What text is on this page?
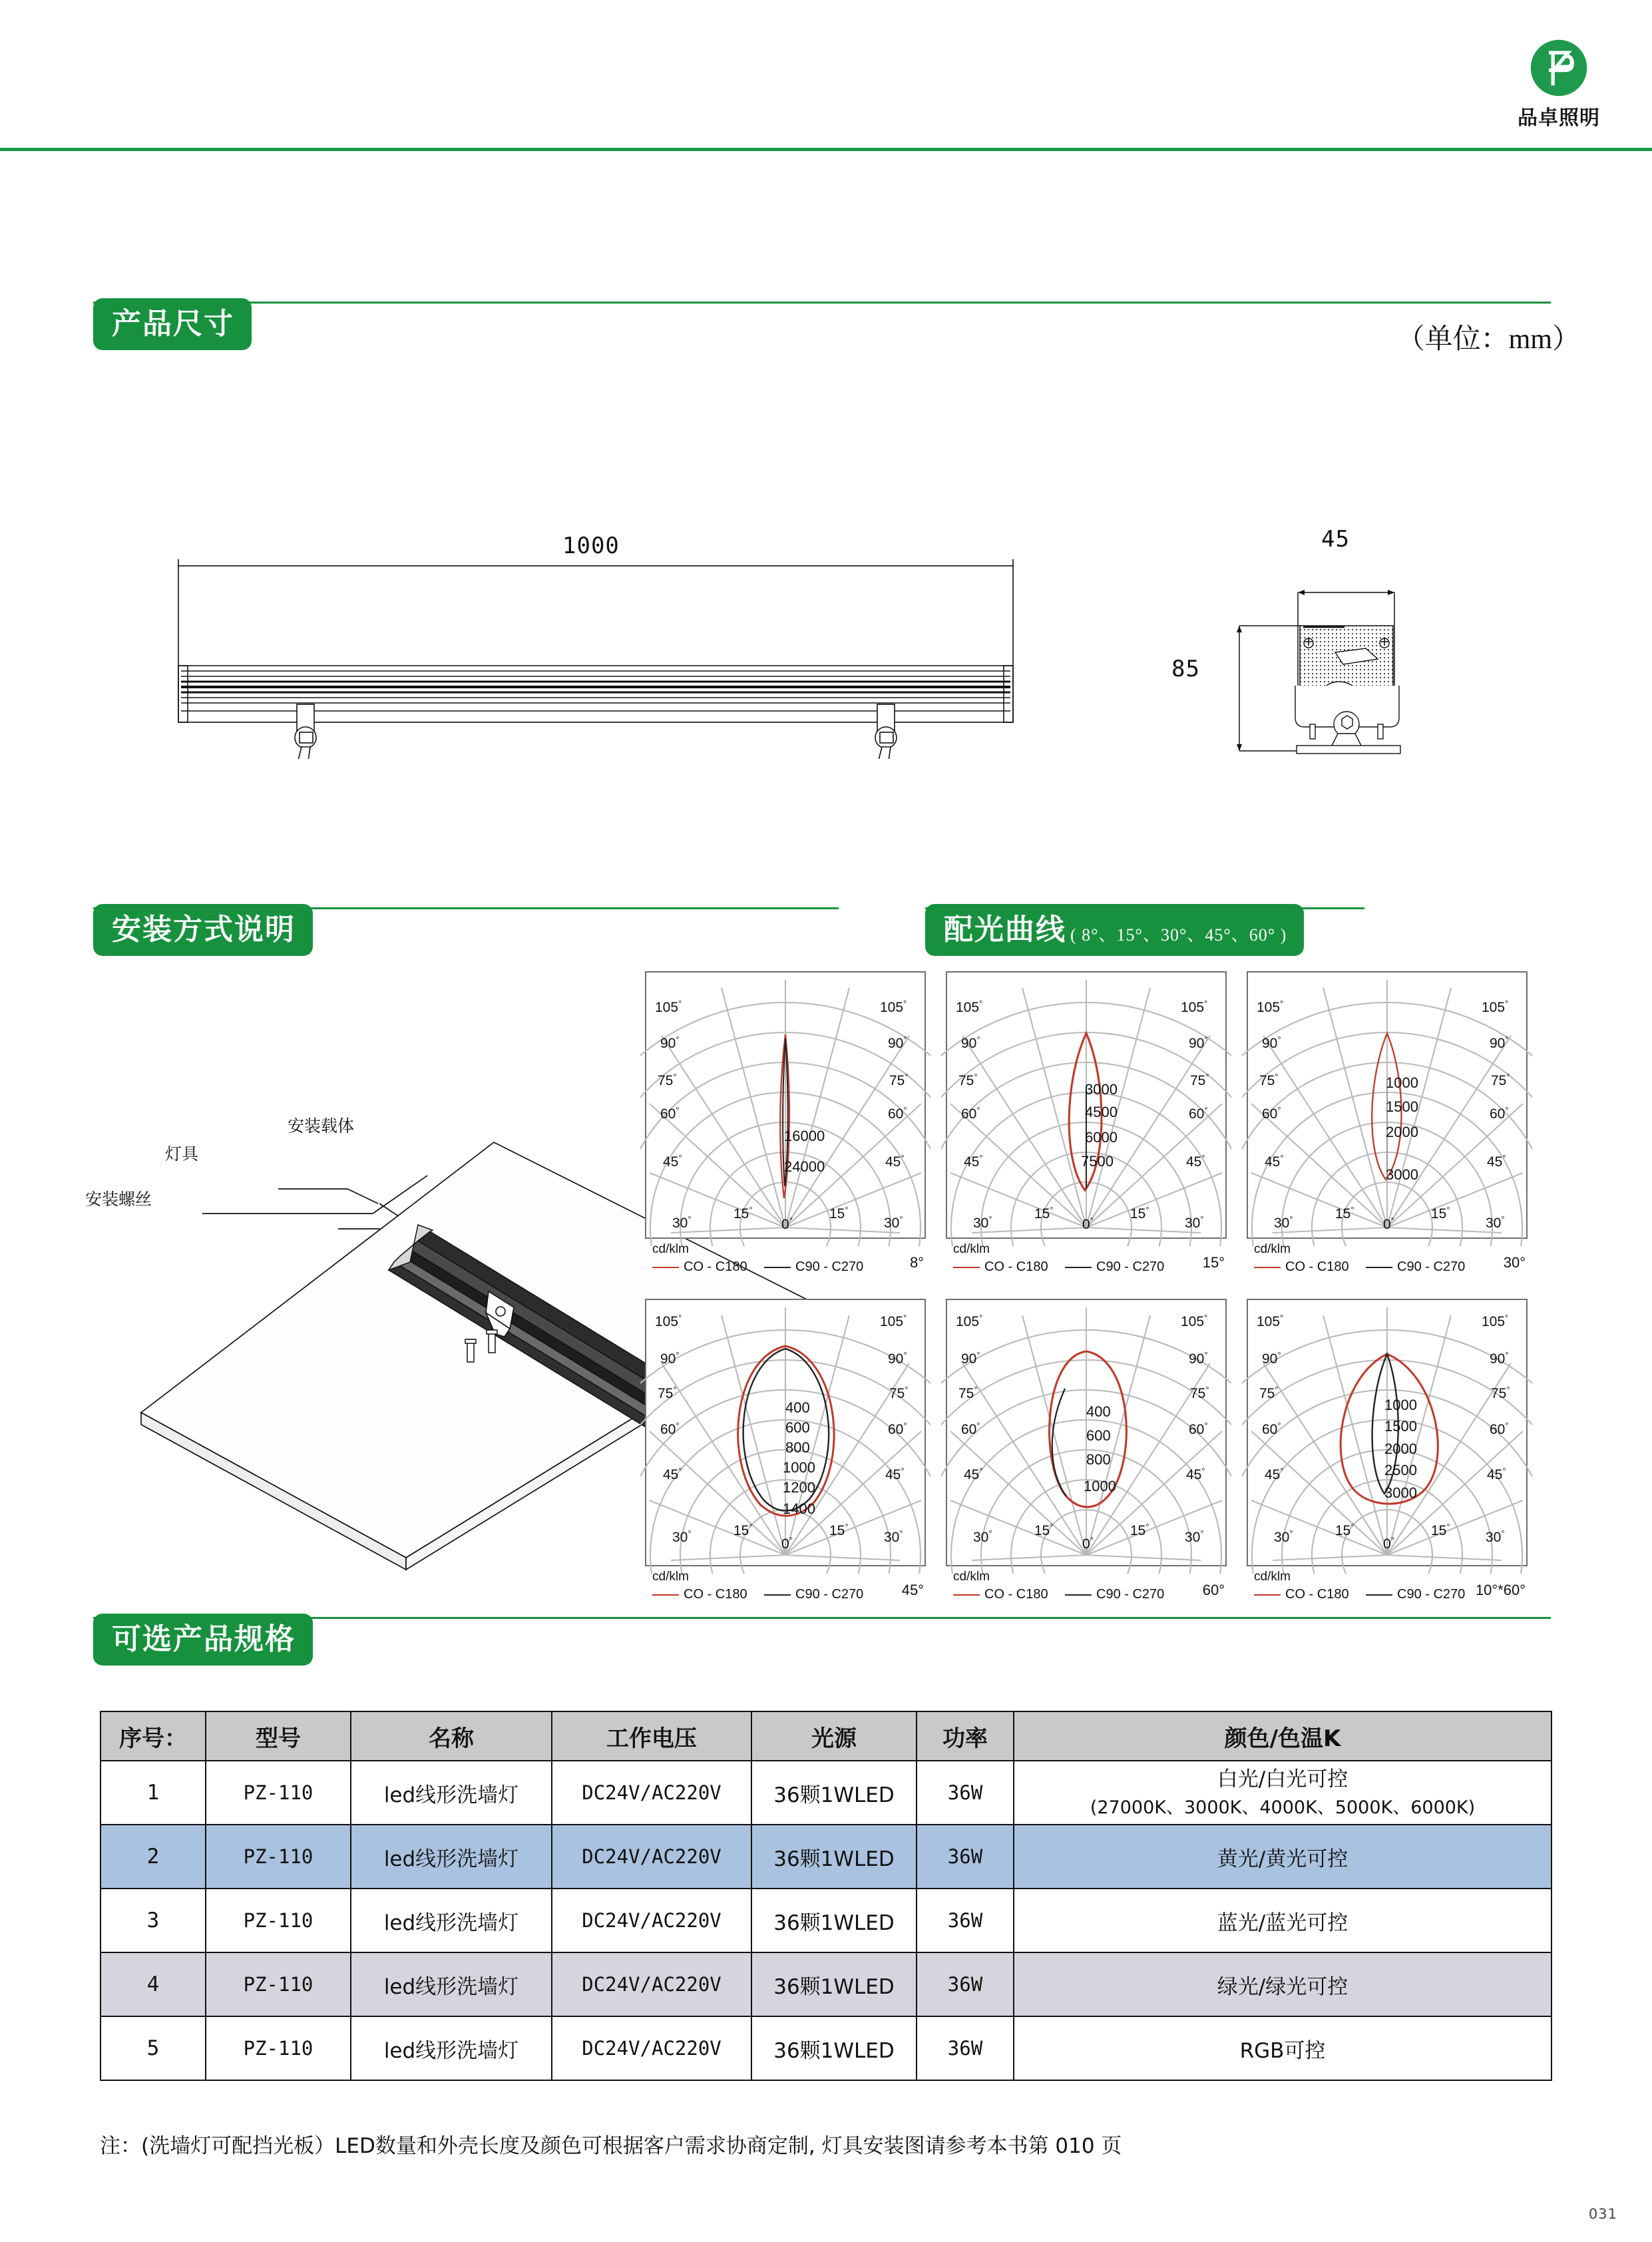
品卓照明
产品尺寸	（单位：mm）
1000	45
85
安装方式说明	配光曲线 ( 8°、15°、30°、45°、60° )
安装载体
灯具
安装螺丝
105°
90°
75°
60°
45°
30°	15°
0°	15°
30°
45°
60°
75°
90°
105°
16000
24000
cd/klm
CO - C180	C90 - C270	8°
105°
90°
75°
60°
45°
30°	15°
0°	15°
30°
45°
60°
75°
90°
105°
3000
4500
6000
7500
cd/klm
CO - C180	C90 - C270	15°
105°
90°
75°
60°
45°
30°	15°
0°	15°
30°
45°
60°
75°
90°
105°
1000
1500
2000
3000
cd/klm
CO - C180	C90 - C270	30°
105°
90°
75°
60°
45°
30°	15°
0°
15°
30°
45°
60°
75°
90°
105°
400
600
800
1000
1200
1400
cd/klm
CO - C180	C90 - C270	45°
105°
90°
75°
60°
45°
30°	15°
0°
15°
30°
45°
60°
75°
90°
105°
400
600
800
1000
cd/klm
CO - C180	C90 - C270	60°
105°
90°
75°
60°
45°
30°	15°
0°
15°
30°
45°
60°
75°
90°
105°
1000
1500
2000
2500
3000
cd/klm
CO - C180	C90 - C270 10°*60°
可选产品规格
序号：	型号	名称	工作电压	光源	功率	颜色/色温K
1	PZ-110	led线形洗墙灯	DC24V/AC220V	36颗1WLED	36W	白光/白光可控
(27000K、3000K、4000K、5000K、6000K)

2	PZ-110	led线形洗墙灯	DC24V/AC220V	36颗1WLED	36W	黄光/黄光可控
3	PZ-110	led线形洗墙灯	DC24V/AC220V	36颗1WLED	36W	蓝光/蓝光可控
4	PZ-110	led线形洗墙灯	DC24V/AC220V	36颗1WLED	36W	绿光/绿光可控
5	PZ-110	led线形洗墙灯	DC24V/AC220V	36颗1WLED	36W	RGB可控
注：(洗墙灯可配挡光板）LED数量和外壳长度及颜色可根据客户需求协商定制, 灯具安装图请参考本书第 010 页
031
